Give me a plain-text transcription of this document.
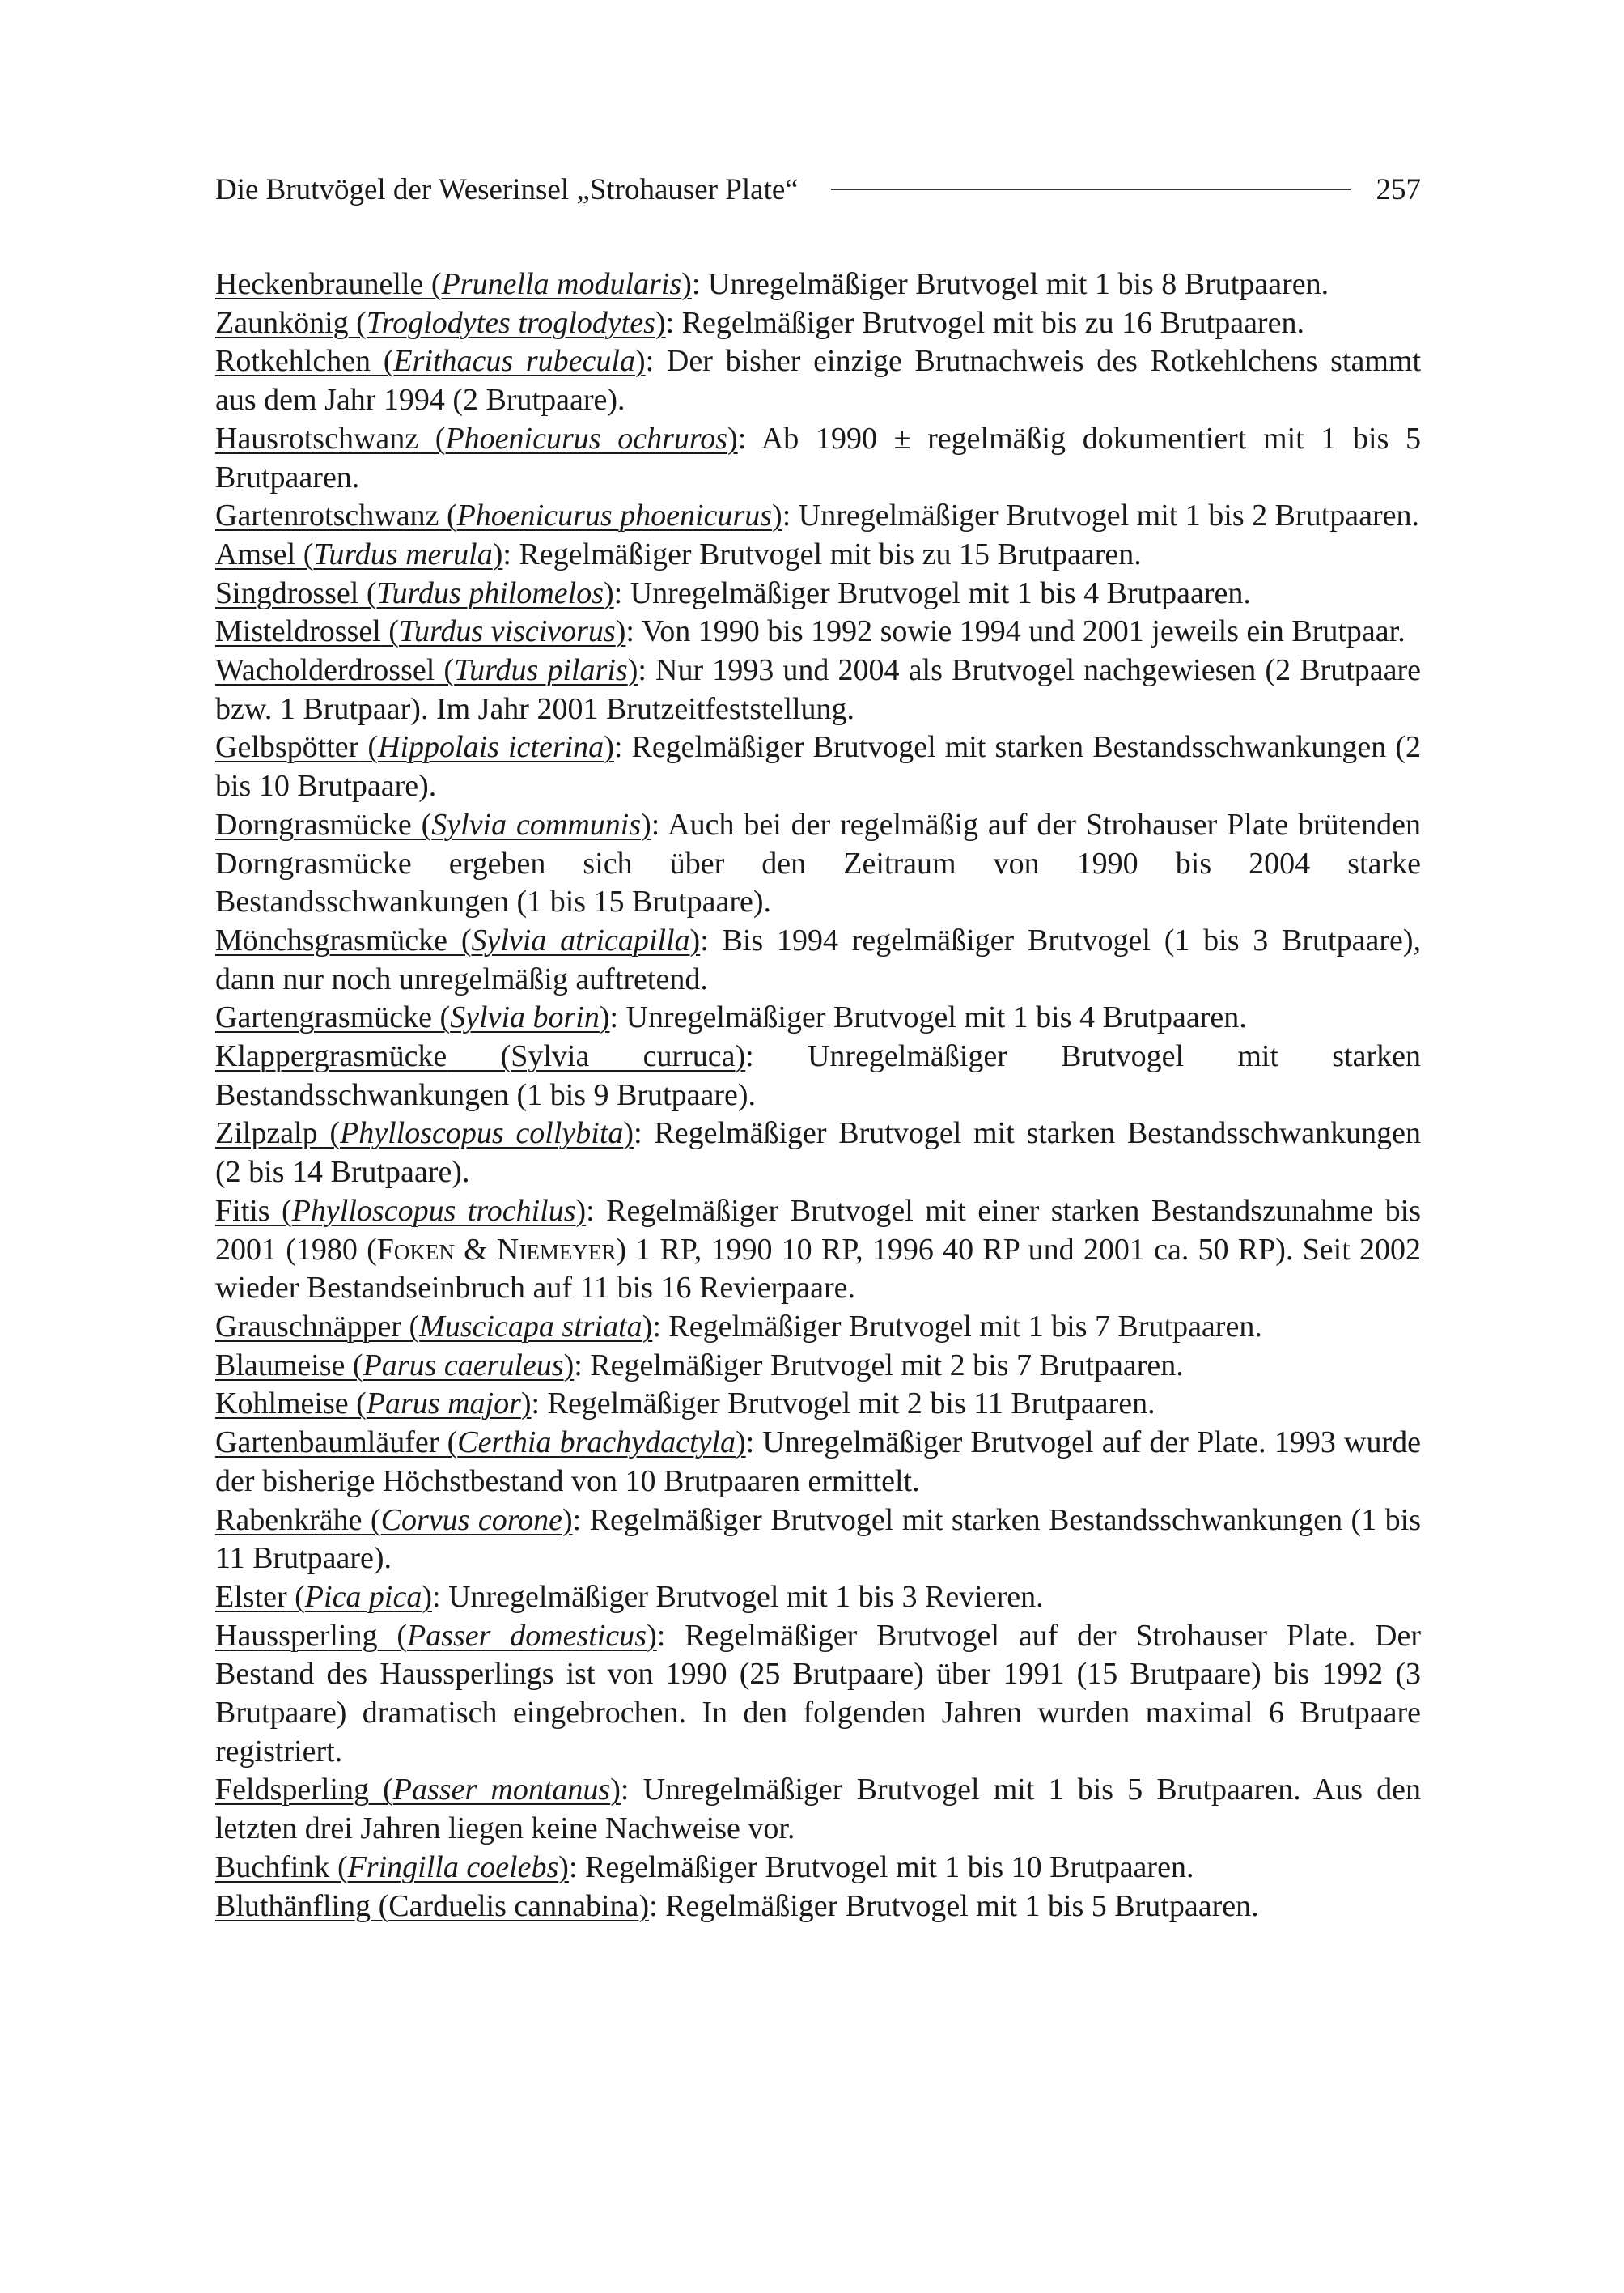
Die Brutvögel der Weserinsel „Strohauser Plate“	257

Heckenbraunelle (Prunella modularis): Unregelmäßiger Brutvogel mit 1 bis 8 Brutpaaren.

Zaunkönig (Troglodytes troglodytes): Regelmäßiger Brutvogel mit bis zu 16 Brutpaaren.

Rotkehlchen (Erithacus rubecula): Der bisher einzige Brutnachweis des Rotkehlchens stammt aus dem Jahr 1994 (2 Brutpaare).

Hausrotschwanz (Phoenicurus ochruros): Ab 1990 ± regelmäßig dokumentiert mit 1 bis 5 Brutpaaren.

Gartenrotschwanz (Phoenicurus phoenicurus): Unregelmäßiger Brutvogel mit 1 bis 2 Brutpaaren.

Amsel (Turdus merula): Regelmäßiger Brutvogel mit bis zu 15 Brutpaaren.

Singdrossel (Turdus philomelos): Unregelmäßiger Brutvogel mit 1 bis 4 Brutpaaren.

Misteldrossel (Turdus viscivorus): Von 1990 bis 1992 sowie 1994 und 2001 jeweils ein Brutpaar.

Wacholderdrossel (Turdus pilaris): Nur 1993 und 2004 als Brutvogel nachgewiesen (2 Brutpaare bzw. 1 Brutpaar). Im Jahr 2001 Brutzeitfeststellung.

Gelbspötter (Hippolais icterina): Regelmäßiger Brutvogel mit starken Bestandsschwankungen (2 bis 10 Brutpaare).

Dorngrasmücke (Sylvia communis): Auch bei der regelmäßig auf der Strohauser Plate brütenden Dorngrasmücke ergeben sich über den Zeitraum von 1990 bis 2004 starke Bestandsschwankungen (1 bis 15 Brutpaare).

Mönchsgrasmücke (Sylvia atricapilla): Bis 1994 regelmäßiger Brutvogel (1 bis 3 Brutpaare), dann nur noch unregelmäßig auftretend.

Gartengrasmücke (Sylvia borin): Unregelmäßiger Brutvogel mit 1 bis 4 Brutpaaren.

Klappergrasmücke (Sylvia curruca): Unregelmäßiger Brutvogel mit starken Bestandsschwankungen (1 bis 9 Brutpaare).

Zilpzalp (Phylloscopus collybita): Regelmäßiger Brutvogel mit starken Bestandsschwankungen (2 bis 14 Brutpaare).

Fitis (Phylloscopus trochilus): Regelmäßiger Brutvogel mit einer starken Bestandszunahme bis 2001 (1980 (Foken & Niemeyer) 1 RP, 1990 10 RP, 1996 40 RP und 2001 ca. 50 RP). Seit 2002 wieder Bestandseinbruch auf 11 bis 16 Revierpaare.

Grauschnäpper (Muscicapa striata): Regelmäßiger Brutvogel mit 1 bis 7 Brutpaaren.

Blaumeise (Parus caeruleus): Regelmäßiger Brutvogel mit 2 bis 7 Brutpaaren.

Kohlmeise (Parus major): Regelmäßiger Brutvogel mit 2 bis 11 Brutpaaren.

Gartenbaumläufer (Certhia brachydactyla): Unregelmäßiger Brutvogel auf der Plate. 1993 wurde der bisherige Höchstbestand von 10 Brutpaaren ermittelt.

Rabenkrähe (Corvus corone): Regelmäßiger Brutvogel mit starken Bestandsschwankungen (1 bis 11 Brutpaare).

Elster (Pica pica): Unregelmäßiger Brutvogel mit 1 bis 3 Revieren.

Haussperling (Passer domesticus): Regelmäßiger Brutvogel auf der Strohauser Plate. Der Bestand des Haussperlings ist von 1990 (25 Brutpaare) über 1991 (15 Brutpaare) bis 1992 (3 Brutpaare) dramatisch eingebrochen. In den folgenden Jahren wurden maximal 6 Brutpaare registriert.

Feldsperling (Passer montanus): Unregelmäßiger Brutvogel mit 1 bis 5 Brutpaaren. Aus den letzten drei Jahren liegen keine Nachweise vor.

Buchfink (Fringilla coelebs): Regelmäßiger Brutvogel mit 1 bis 10 Brutpaaren.

Bluthänfling (Carduelis cannabina): Regelmäßiger Brutvogel mit 1 bis 5 Brutpaaren.
